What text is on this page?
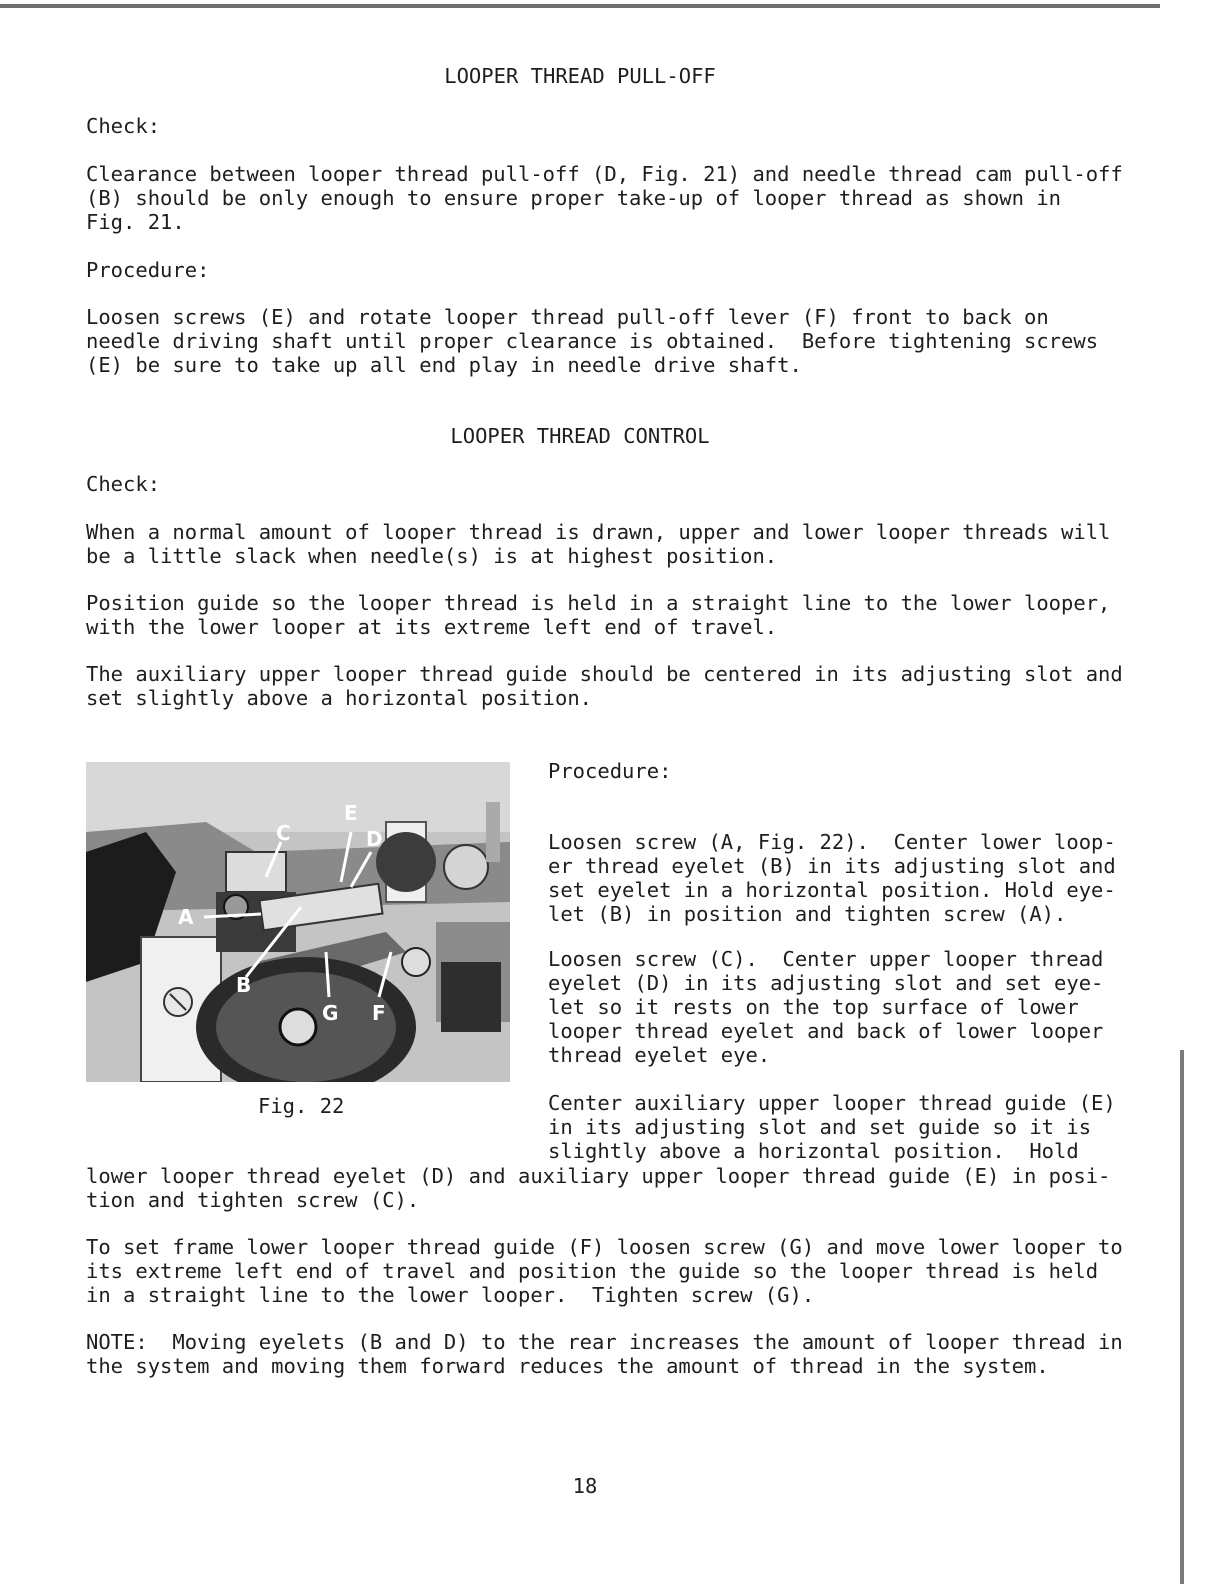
LOOPER THREAD PULL-OFF

Check:

Clearance between looper thread pull-off (D, Fig. 21) and needle thread cam pull-off
(B) should be only enough to ensure proper take-up of looper thread as shown in
Fig. 21.

Procedure:

Loosen screws (E) and rotate looper thread pull-off lever (F) front to back on
needle driving shaft until proper clearance is obtained.  Before tightening screws
(E) be sure to take up all end play in needle drive shaft.

LOOPER THREAD CONTROL

Check:

When a normal amount of looper thread is drawn, upper and lower looper threads will
be a little slack when needle(s) is at highest position.

Position guide so the looper thread is held in a straight line to the lower looper,
with the lower looper at its extreme left end of travel.

The auxiliary upper looper thread guide should be centered in its adjusting slot and
set slightly above a horizontal position.

A
B
C	D
E
F
G

Fig. 22

Procedure:

Loosen screw (A, Fig. 22).  Center lower loop-
er thread eyelet (B) in its adjusting slot and
set eyelet in a horizontal position. Hold eye-
let (B) in position and tighten screw (A).

Loosen screw (C).  Center upper looper thread
eyelet (D) in its adjusting slot and set eye-
let so it rests on the top surface of lower
looper thread eyelet and back of lower looper
thread eyelet eye.

Center auxiliary upper looper thread guide (E)
in its adjusting slot and set guide so it is
slightly above a horizontal position.  Hold

lower looper thread eyelet (D) and auxiliary upper looper thread guide (E) in posi-
tion and tighten screw (C).

To set frame lower looper thread guide (F) loosen screw (G) and move lower looper to
its extreme left end of travel and position the guide so the looper thread is held
in a straight line to the lower looper.  Tighten screw (G).

NOTE:  Moving eyelets (B and D) to the rear increases the amount of looper thread in
the system and moving them forward reduces the amount of thread in the system.

18
